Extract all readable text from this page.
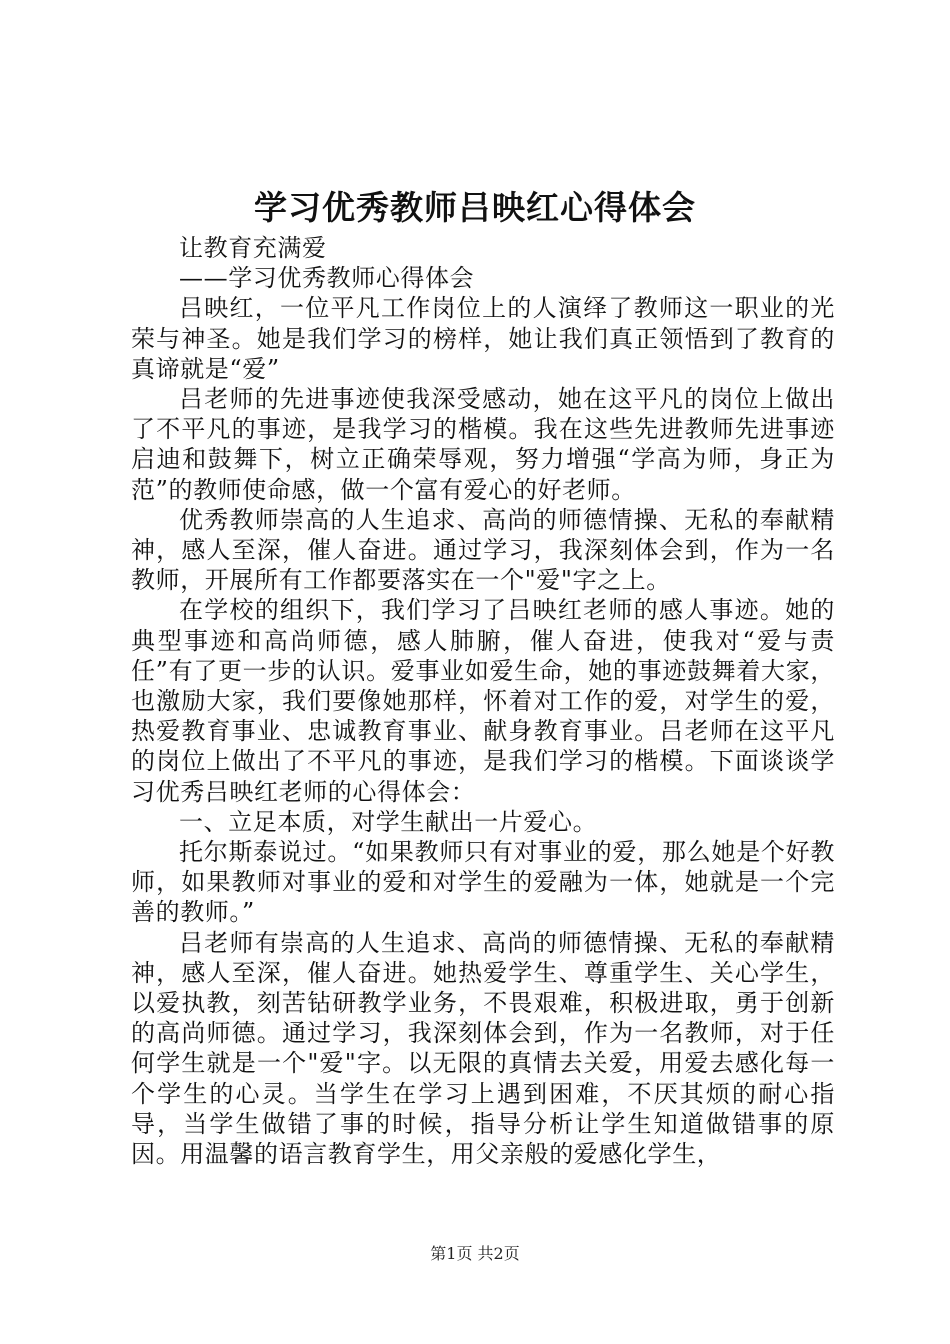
学习优秀教师吕映红心得体会

让教育充满爱

——学习优秀教师心得体会

吕映红，一位平凡工作岗位上的人演绎了教师这一职业的光荣与神圣。她是我们学习的榜样，她让我们真正领悟到了教育的真谛就是“爱”

吕老师的先进事迹使我深受感动，她在这平凡的岗位上做出了不平凡的事迹，是我学习的楷模。我在这些先进教师先进事迹启迪和鼓舞下，树立正确荣辱观，努力增强“学高为师，身正为范”的教师使命感，做一个富有爱心的好老师。

优秀教师崇高的人生追求、高尚的师德情操、无私的奉献精神，感人至深，催人奋进。通过学习，我深刻体会到，作为一名教师，开展所有工作都要落实在一个"爱"字之上。

在学校的组织下，我们学习了吕映红老师的感人事迹。她的典型事迹和高尚师德，感人肺腑，催人奋进，使我对“爱与责任”有了更一步的认识。爱事业如爱生命，她的事迹鼓舞着大家，也激励大家，我们要像她那样，怀着对工作的爱，对学生的爱，热爱教育事业、忠诚教育事业、献身教育事业。吕老师在这平凡的岗位上做出了不平凡的事迹，是我们学习的楷模。下面谈谈学习优秀吕映红老师的心得体会：

一、立足本质，对学生献出一片爱心。

托尔斯泰说过。“如果教师只有对事业的爱，那么她是个好教师，如果教师对事业的爱和对学生的爱融为一体，她就是一个完善的教师。”

吕老师有崇高的人生追求、高尚的师德情操、无私的奉献精神，感人至深，催人奋进。她热爱学生、尊重学生、关心学生，以爱执教，刻苦钻研教学业务，不畏艰难，积极进取，勇于创新的高尚师德。通过学习，我深刻体会到，作为一名教师，对于任何学生就是一个"爱"字。以无限的真情去关爱，用爱去感化每一个学生的心灵。当学生在学习上遇到困难，不厌其烦的耐心指导，当学生做错了事的时候，指导分析让学生知道做错事的原因。用温馨的语言教育学生，用父亲般的爱感化学生，

第1页 共2页
